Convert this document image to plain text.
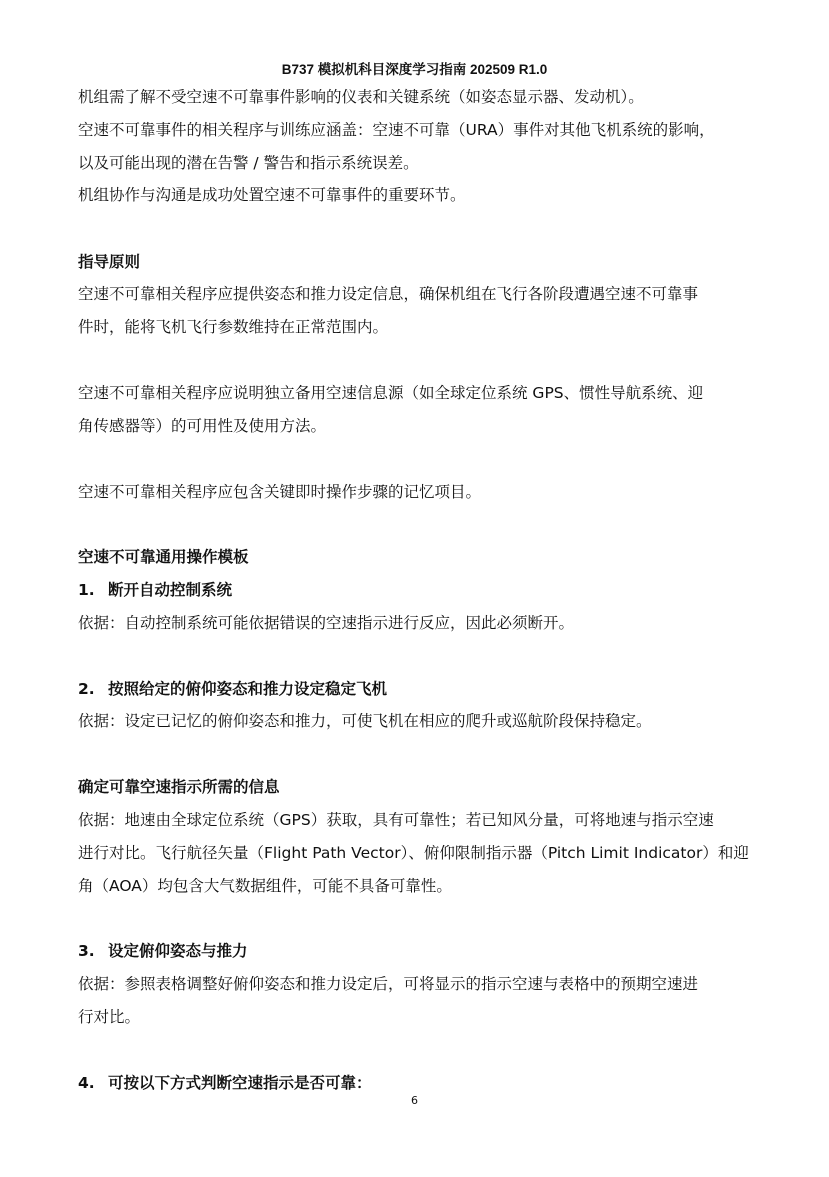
B737 模拟机科目深度学习指南 202509 R1.0
机组需了解不受空速不可靠事件影响的仪表和关键系统（如姿态显示器、发动机）。
空速不可靠事件的相关程序与训练应涵盖：空速不可靠（URA）事件对其他飞机系统的影响，
以及可能出现的潜在告警 / 警告和指示系统误差。
机组协作与沟通是成功处置空速不可靠事件的重要环节。
指导原则
空速不可靠相关程序应提供姿态和推力设定信息，确保机组在飞行各阶段遭遇空速不可靠事
件时，能将飞机飞行参数维持在正常范围内。
空速不可靠相关程序应说明独立备用空速信息源（如全球定位系统 GPS、惯性导航系统、迎
角传感器等）的可用性及使用方法。
空速不可靠相关程序应包含关键即时操作步骤的记忆项目。
空速不可靠通用操作模板
1. 断开自动控制系统
依据：自动控制系统可能依据错误的空速指示进行反应，因此必须断开。
2. 按照给定的俯仰姿态和推力设定稳定飞机
依据：设定已记忆的俯仰姿态和推力，可使飞机在相应的爬升或巡航阶段保持稳定。
确定可靠空速指示所需的信息
依据：地速由全球定位系统（GPS）获取，具有可靠性；若已知风分量，可将地速与指示空速
进行对比。飞行航径矢量（Flight Path Vector）、俯仰限制指示器（Pitch Limit Indicator）和迎
角（AOA）均包含大气数据组件，可能不具备可靠性。
3. 设定俯仰姿态与推力
依据：参照表格调整好俯仰姿态和推力设定后，可将显示的指示空速与表格中的预期空速进
行对比。
4. 可按以下方式判断空速指示是否可靠：
6
